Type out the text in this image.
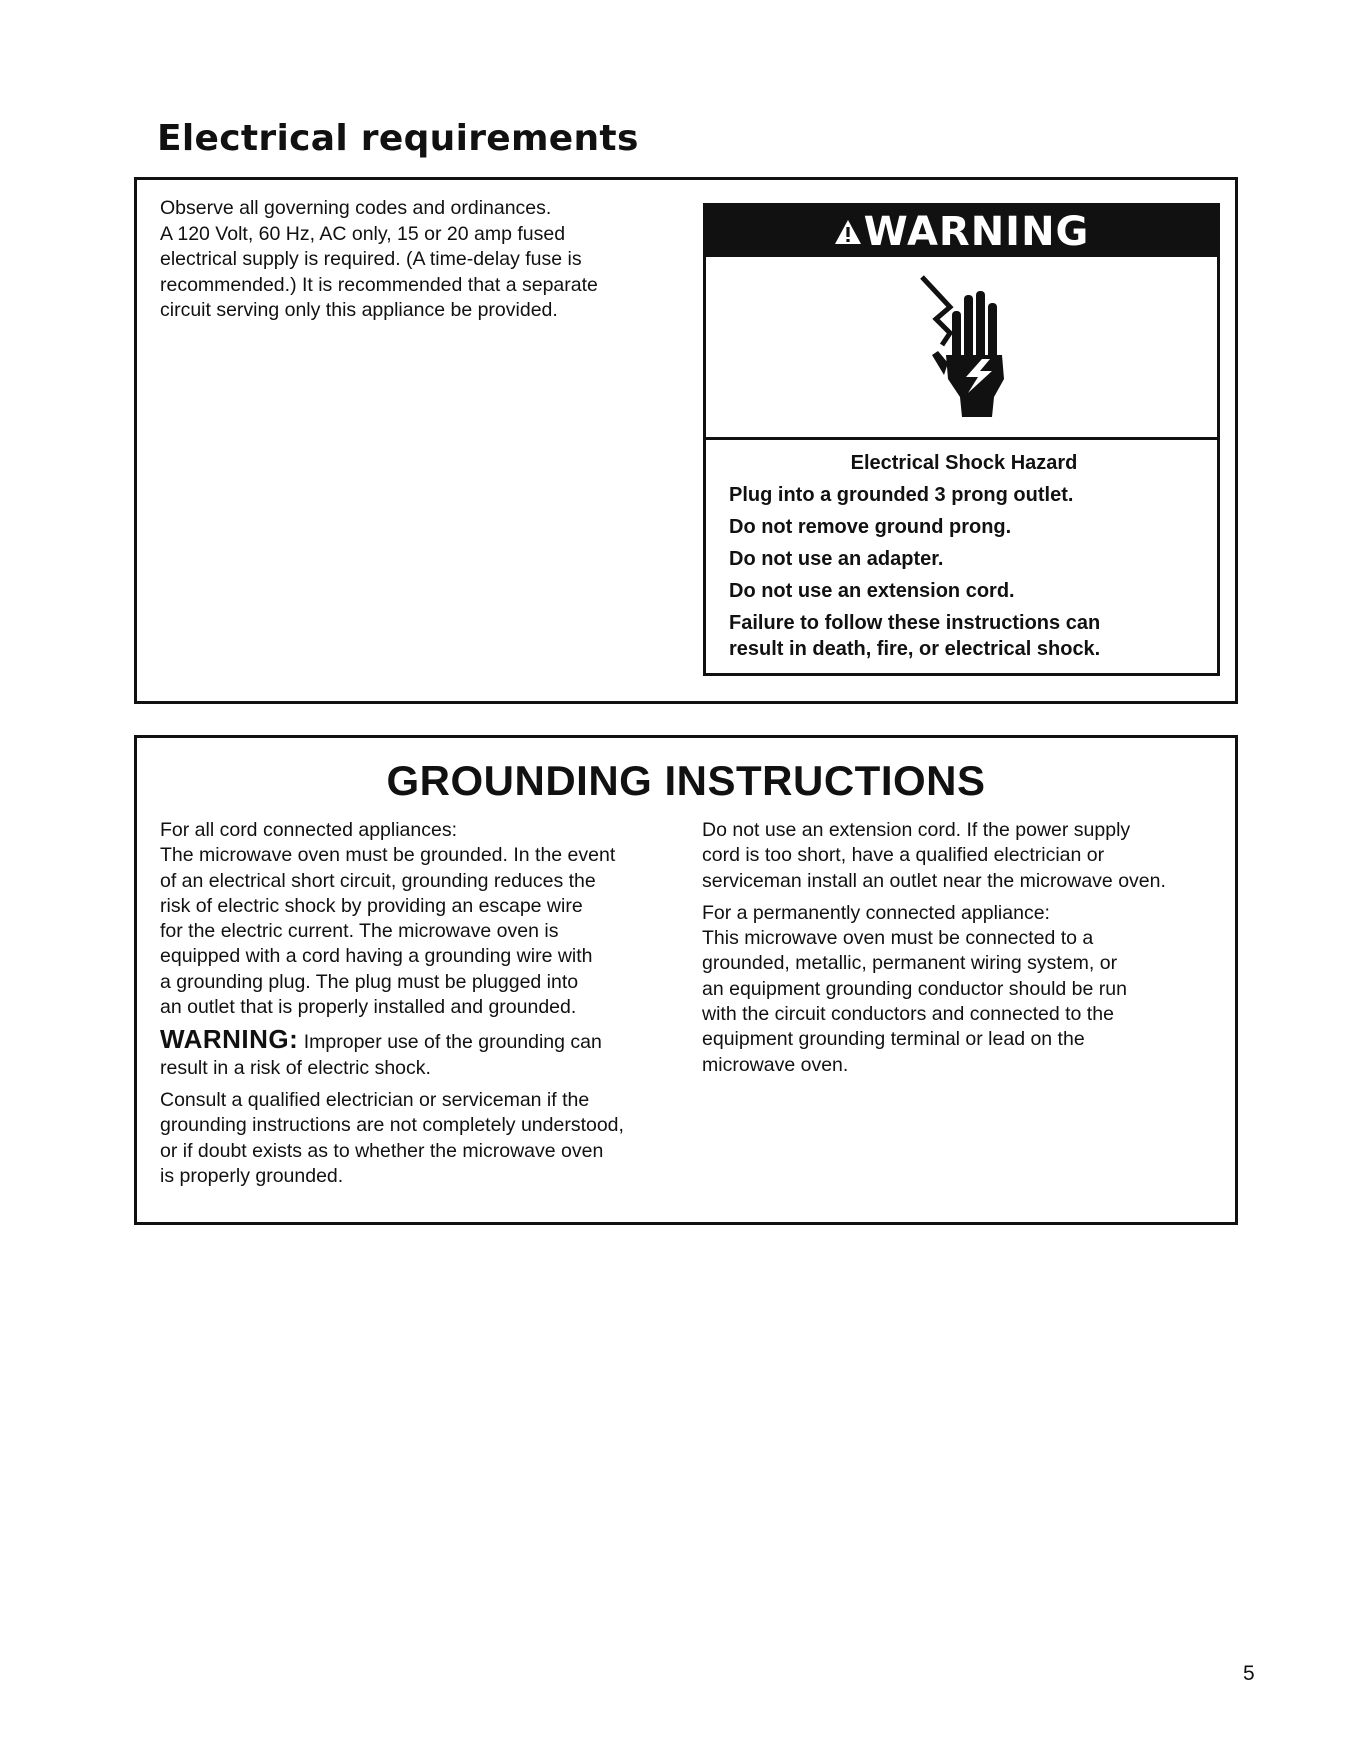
Electrical requirements

Observe all governing codes and ordinances.

A 120 Volt, 60 Hz, AC only, 15 or 20 amp fused

electrical supply is required. (A time-delay fuse is

recommended.) It is recommended that a separate

circuit serving only this appliance be provided.

WARNING

Electrical Shock Hazard

Plug into a grounded 3 prong outlet.

Do not remove ground prong.

Do not use an adapter.

Do not use an extension cord.

Failure to follow these instructions can

result in death, fire, or electrical shock.

GROUNDING INSTRUCTIONS

For all cord connected appliances:
The microwave oven must be grounded. In the event
of an electrical short circuit, grounding reduces the
risk of electric shock by providing an escape wire
for the electric current. The microwave oven is
equipped with a cord having a grounding wire with
a grounding plug. The plug must be plugged into
an outlet that is properly installed and grounded.

WARNING: Improper use of the grounding can
result in a risk of electric shock.

Consult a qualified electrician or serviceman if the
grounding instructions are not completely understood,
or if doubt exists as to whether the microwave oven
is properly grounded.

Do not use an extension cord. If the power supply
cord is too short, have a qualified electrician or
serviceman install an outlet near the microwave oven.

For a permanently connected appliance:
This microwave oven must be connected to a
grounded, metallic, permanent wiring system, or
an equipment grounding conductor should be run
with the circuit conductors and connected to the
equipment grounding terminal or lead on the
microwave oven.

5
